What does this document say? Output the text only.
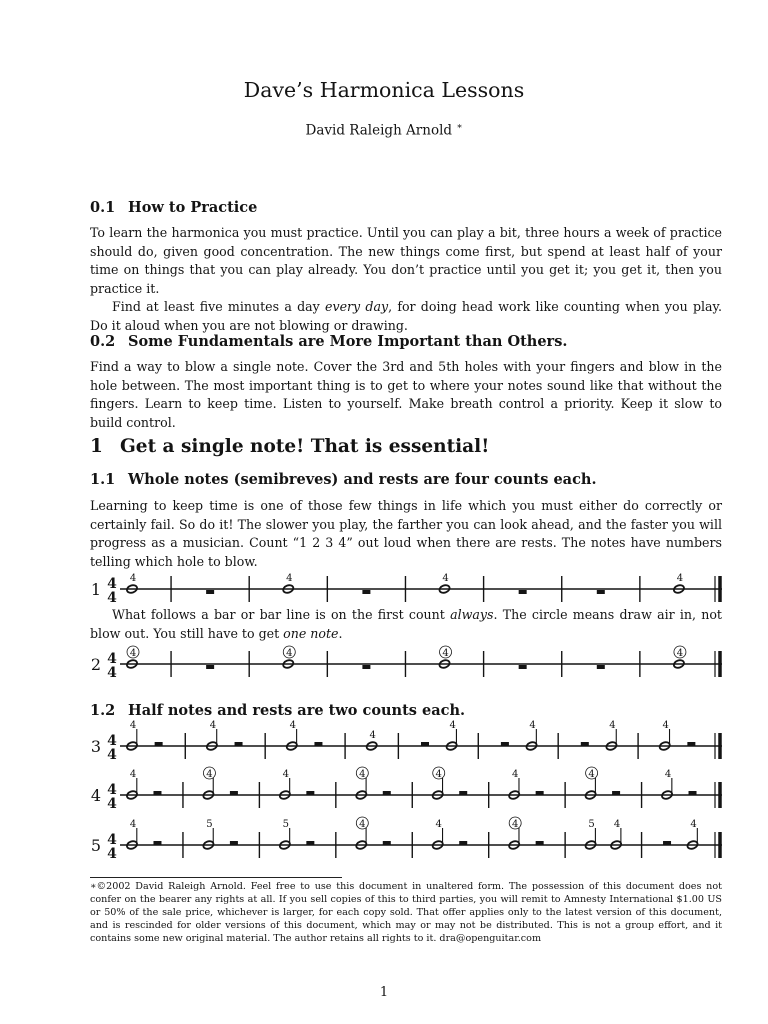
Dave’s Harmonica Lessons
David Raleigh Arnold ∗
0.1 How to Practice

To learn the harmonica you must practice. Until you can play a bit, three hours a week of practice should do, given good concentration. The new things come first, but spend at least half of your time on things that you can play already. You don’t practice until you get it; you get it, then you practice it.

Find at least five minutes a day every day, for doing head work like counting when you play. Do it aloud when you are not blowing or drawing.

0.2 Some Fundamentals are More Important than Others.

Find a way to blow a single note. Cover the 3rd and 5th holes with your fingers and blow in the hole between. The most important thing is to get to where your notes sound like that without the fingers. Learn to keep time. Listen to yourself. Make breath control a priority. Keep it slow to build control.

1 Get a single note! That is essential!
1.1 Whole notes (semibreves) and rests are four counts each.

Learning to keep time is one of those few things in life which you must either do correctly or certainly fail. So do it! The slower you play, the farther you can look ahead, and the faster you will progress as a musician. Count “1 2 3 4” out loud when there are rests. The notes have numbers telling which hole to blow.

What follows a bar or bar line is on the first count always. The circle means draw air in, not blow out. You still have to get one note.

1.2 Half notes and rests are two counts each.
1 4
4
4	4	4	4
2 4
4
4	4	4	4
3 4
4
4	4	4
4
4	4	4	4
4 4
4
4	4	4	4	4	4	4	4
5 4
4
4	5	5	4	4	4	5 4	4
∗©2002 David Raleigh Arnold. Feel free to use this document in unaltered form. The possession of this document does not confer on the bearer any rights at all. If you sell copies of this to third parties, you will remit to Amnesty International $1.00 US or 50% of the sale price, whichever is larger, for each copy sold. That offer applies only to the latest version of this document, and is rescinded for older versions of this document, which may or may not be distributed. This is not a group effort, and it contains some new original material. The author retains all rights to it. dra@openguitar.com
1
